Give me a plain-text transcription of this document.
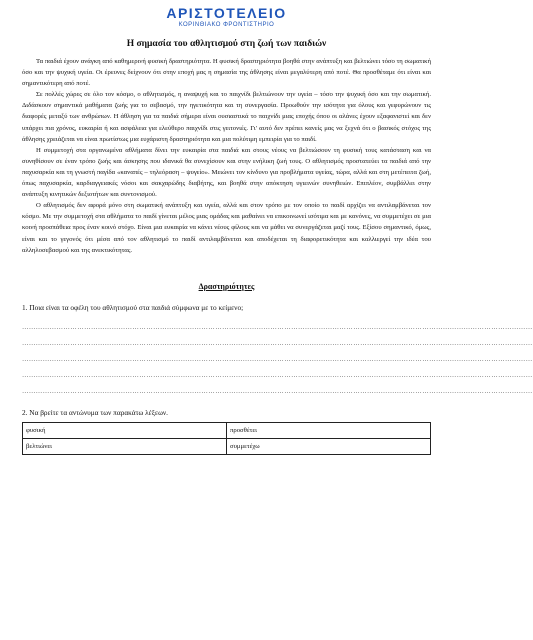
ΑΡΙΣΤΟΤΕΛΕΙΟ
ΚΟΡΙΝΘΙΑΚΟ ΦΡΟΝΤΙΣΤΗΡΙΟ
Η σημασία του αθλητισμού στη ζωή των παιδιών

Τα παιδιά έχουν ανάγκη από καθημερινή φυσική δραστηριότητα. Η φυσική δραστηριότητα βοηθά στην ανάπτυξη και βελτιώνει τόσο τη σωματική όσο και την ψυχική υγεία. Οι έρευνες δείχνουν ότι στην εποχή μας η σημασία της άθλησης είναι μεγαλύτερη από ποτέ. Θα προσθέταμε ότι είναι και σημαντικότερη από ποτέ.

Σε πολλές χώρες σε όλο τον κόσμο, ο αθλητισμός, η αναψυχή και το παιχνίδι βελτιώνουν την υγεία – τόσο την ψυχική όσο και την σωματική. Διδάσκουν σημαντικά μαθήματα ζωής για το σεβασμό, την ηγετικότητα και τη συνεργασία. Προωθούν την ισότητα για όλους και γεφυρώνουν τις διαφορές μεταξύ των ανθρώπων. Η άθληση για τα παιδιά σήμερα είναι ουσιαστικά το παιχνίδι μιας εποχής όπου οι αλάνες έχουν εξαφανιστεί και δεν υπάρχει πια χρόνος, ευκαιρία ή και ασφάλεια για ελεύθερο παιχνίδι στις γειτονιές. Γι' αυτό δεν πρέπει κανείς μας να ξεχνά ότι ο βασικός στόχος της άθλησης χρειάζεται να είναι πρωτίστως μια ευχάριστη δραστηριότητα και μια πολύτιμη εμπειρία για το παιδί.

Η συμμετοχή στα οργανωμένα αθλήματα δίνει την ευκαιρία στα παιδιά και στους νέους να βελτιώσουν τη φυσική τους κατάσταση και να συνηθίσουν σε έναν τρόπο ζωής και άσκησης που ιδανικά θα συνεχίσουν και στην ενήλικη ζωή τους. Ο αθλητισμός προστατεύει τα παιδιά από την παχυσαρκία και τη γνωστή παγίδα «καναπές – τηλεόραση – ψυγείο». Μειώνει τον κίνδυνο για προβλήματα υγείας, τώρα, αλλά και στη μετέπειτα ζωή, όπως παχυσαρκία, καρδιαγγειακές νόσοι και σακχαρώδης διαβήτης, και βοηθά στην απόκτηση υγιεινών συνηθειών. Επιπλέον, συμβάλλει στην ανάπτυξη κινητικών δεξιοτήτων και συντονισμού.

Ο αθλητισμός δεν αφορά μόνο στη σωματική ανάπτυξη και υγεία, αλλά και στον τρόπο με τον οποίο το παιδί αρχίζει να αντιλαμβάνεται τον κόσμο. Με την συμμετοχή στα αθλήματα το παιδί γίνεται μέλος μιας ομάδας και μαθαίνει να επικοινωνεί ισότιμα και με κανόνες, να συμμετέχει σε μια κοινή προσπάθεια προς έναν κοινό στόχο. Είναι μια ευκαιρία να κάνει νέους φίλους και να μάθει να συνεργάζεται μαζί τους. Εξίσου σημαντικό, όμως, είναι και το γεγονός ότι μέσα από τον αθλητισμό το παιδί αντιλαμβάνεται και αποδέχεται τη διαφορετικότητα και καλλιεργεί την ιδέα του αλληλοσεβασμού και της ανεκτικότητας.

Δραστηριότητες
1. Ποια είναι τα οφέλη του αθλητισμού στα παιδιά σύμφωνα με το κείμενο;
……………………………………………………………………………………………………………………………………………………………………………………………………
……………………………………………………………………………………………………………………………………………………………………………………………………
……………………………………………………………………………………………………………………………………………………………………………………………………
……………………………………………………………………………………………………………………………………………………………………………………………………
……………………………………………………………………………………………………………………………………………………………………………………………………
2. Να βρείτε τα αντώνυμα των παρακάτω λέξεων.
φυσική	προσθέτει
βελτιώνει	συμμετέχω
